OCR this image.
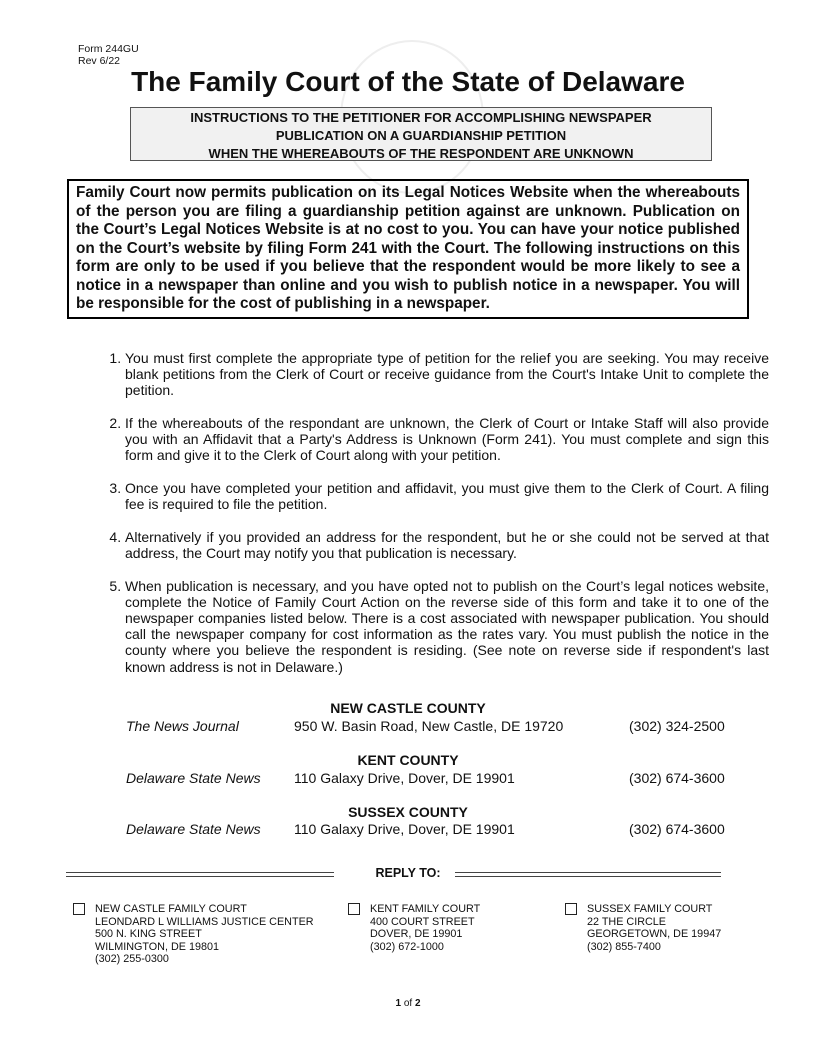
Form 244GU
Rev 6/22
The Family Court of the State of Delaware
INSTRUCTIONS TO THE PETITIONER FOR ACCOMPLISHING NEWSPAPER
PUBLICATION ON A GUARDIANSHIP PETITION
WHEN THE WHEREABOUTS OF THE RESPONDENT ARE UNKNOWN
Family Court now permits publication on its Legal Notices Website when the whereabouts of the person you are filing a guardianship petition against are unknown. Publication on the Court’s Legal Notices Website is at no cost to you. You can have your notice published on the Court’s website by filing Form 241 with the Court. The following instructions on this form are only to be used if you believe that the respondent would be more likely to see a notice in a newspaper than online and you wish to publish notice in a newspaper. You will be responsible for the cost of publishing in a newspaper.
1. You must first complete the appropriate type of petition for the relief you are seeking. You may receive blank petitions from the Clerk of Court or receive guidance from the Court's Intake Unit to complete the petition.
2. If the whereabouts of the respondant are unknown, the Clerk of Court or Intake Staff will also provide you with an Affidavit that a Party's Address is Unknown (Form 241). You must complete and sign this form and give it to the Clerk of Court along with your petition.
3. Once you have completed your petition and affidavit, you must give them to the Clerk of Court. A filing fee is required to file the petition.
4. Alternatively if you provided an address for the respondent, but he or she could not be served at that address, the Court may notify you that publication is necessary.
5. When publication is necessary, and you have opted not to publish on the Court’s legal notices website, complete the Notice of Family Court Action on the reverse side of this form and take it to one of the newspaper companies listed below. There is a cost associated with newspaper publication. You should call the newspaper company for cost information as the rates vary. You must publish the notice in the county where you believe the respondent is residing. (See note on reverse side if respondent's last known address is not in Delaware.)
NEW CASTLE COUNTY
The News Journal	950 W. Basin Road, New Castle, DE 19720	(302) 324-2500
KENT COUNTY
Delaware State News 110 Galaxy Drive, Dover, DE 19901	(302) 674-3600
SUSSEX COUNTY
Delaware State News 110 Galaxy Drive, Dover, DE 19901	(302) 674-3600
REPLY TO:
NEW CASTLE FAMILY COURT
LEONDARD L WILLIAMS JUSTICE CENTER
500 N. KING STREET
WILMINGTON, DE 19801
(302) 255-0300
KENT FAMILY COURT
400 COURT STREET
DOVER, DE 19901
(302) 672-1000
SUSSEX FAMILY COURT
22 THE CIRCLE
GEORGETOWN, DE 19947
(302) 855-7400
1 of 2
